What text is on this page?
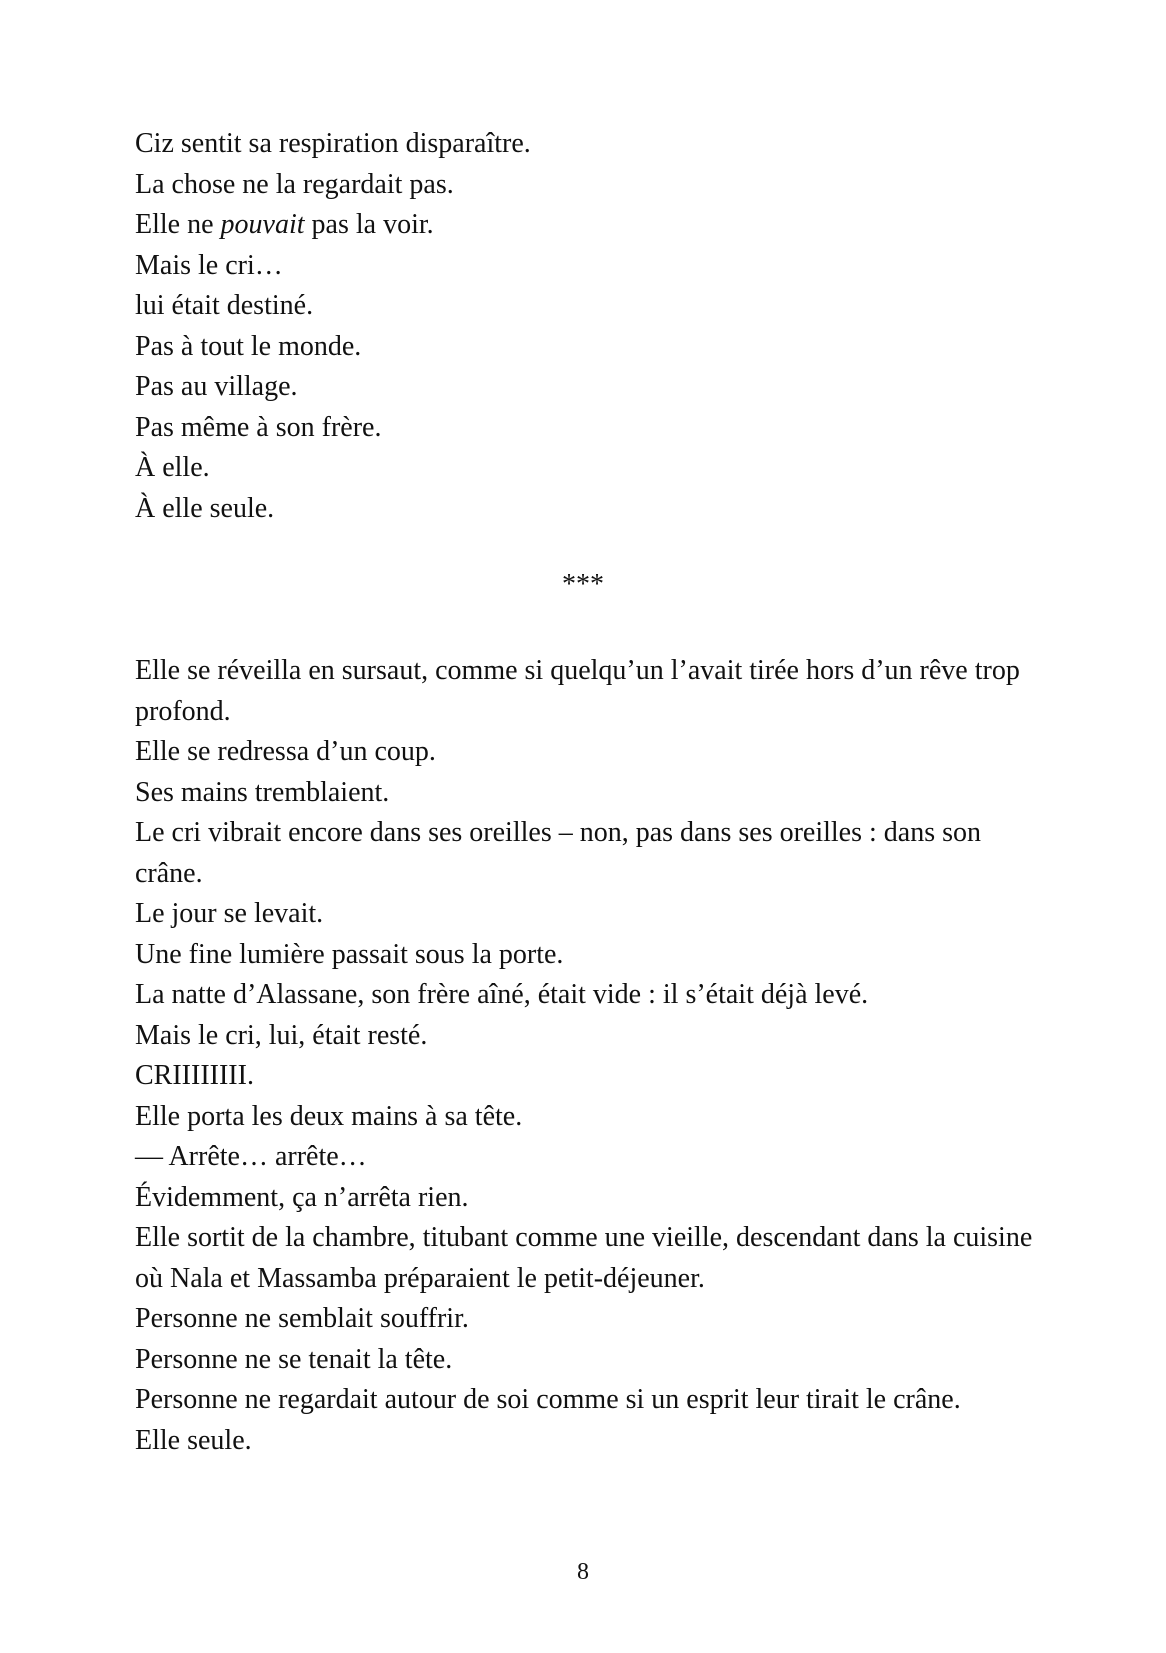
Ciz sentit sa respiration disparaître.
La chose ne la regardait pas.
Elle ne pouvait pas la voir.
Mais le cri…
lui était destiné.
Pas à tout le monde.
Pas au village.
Pas même à son frère.
À elle.
À elle seule.
***
Elle se réveilla en sursaut, comme si quelqu’un l’avait tirée hors d’un rêve trop profond.
Elle se redressa d’un coup.
Ses mains tremblaient.
Le cri vibrait encore dans ses oreilles – non, pas dans ses oreilles : dans son crâne.
Le jour se levait.
Une fine lumière passait sous la porte.
La natte d’Alassane, son frère aîné, était vide : il s’était déjà levé.
Mais le cri, lui, était resté.
CRIIIIIIII.
Elle porta les deux mains à sa tête.
— Arrête… arrête…
Évidemment, ça n’arrêta rien.
Elle sortit de la chambre, titubant comme une vieille, descendant dans la cuisine où Nala et Massamba préparaient le petit-déjeuner.
Personne ne semblait souffrir.
Personne ne se tenait la tête.
Personne ne regardait autour de soi comme si un esprit leur tirait le crâne.
Elle seule.
8
